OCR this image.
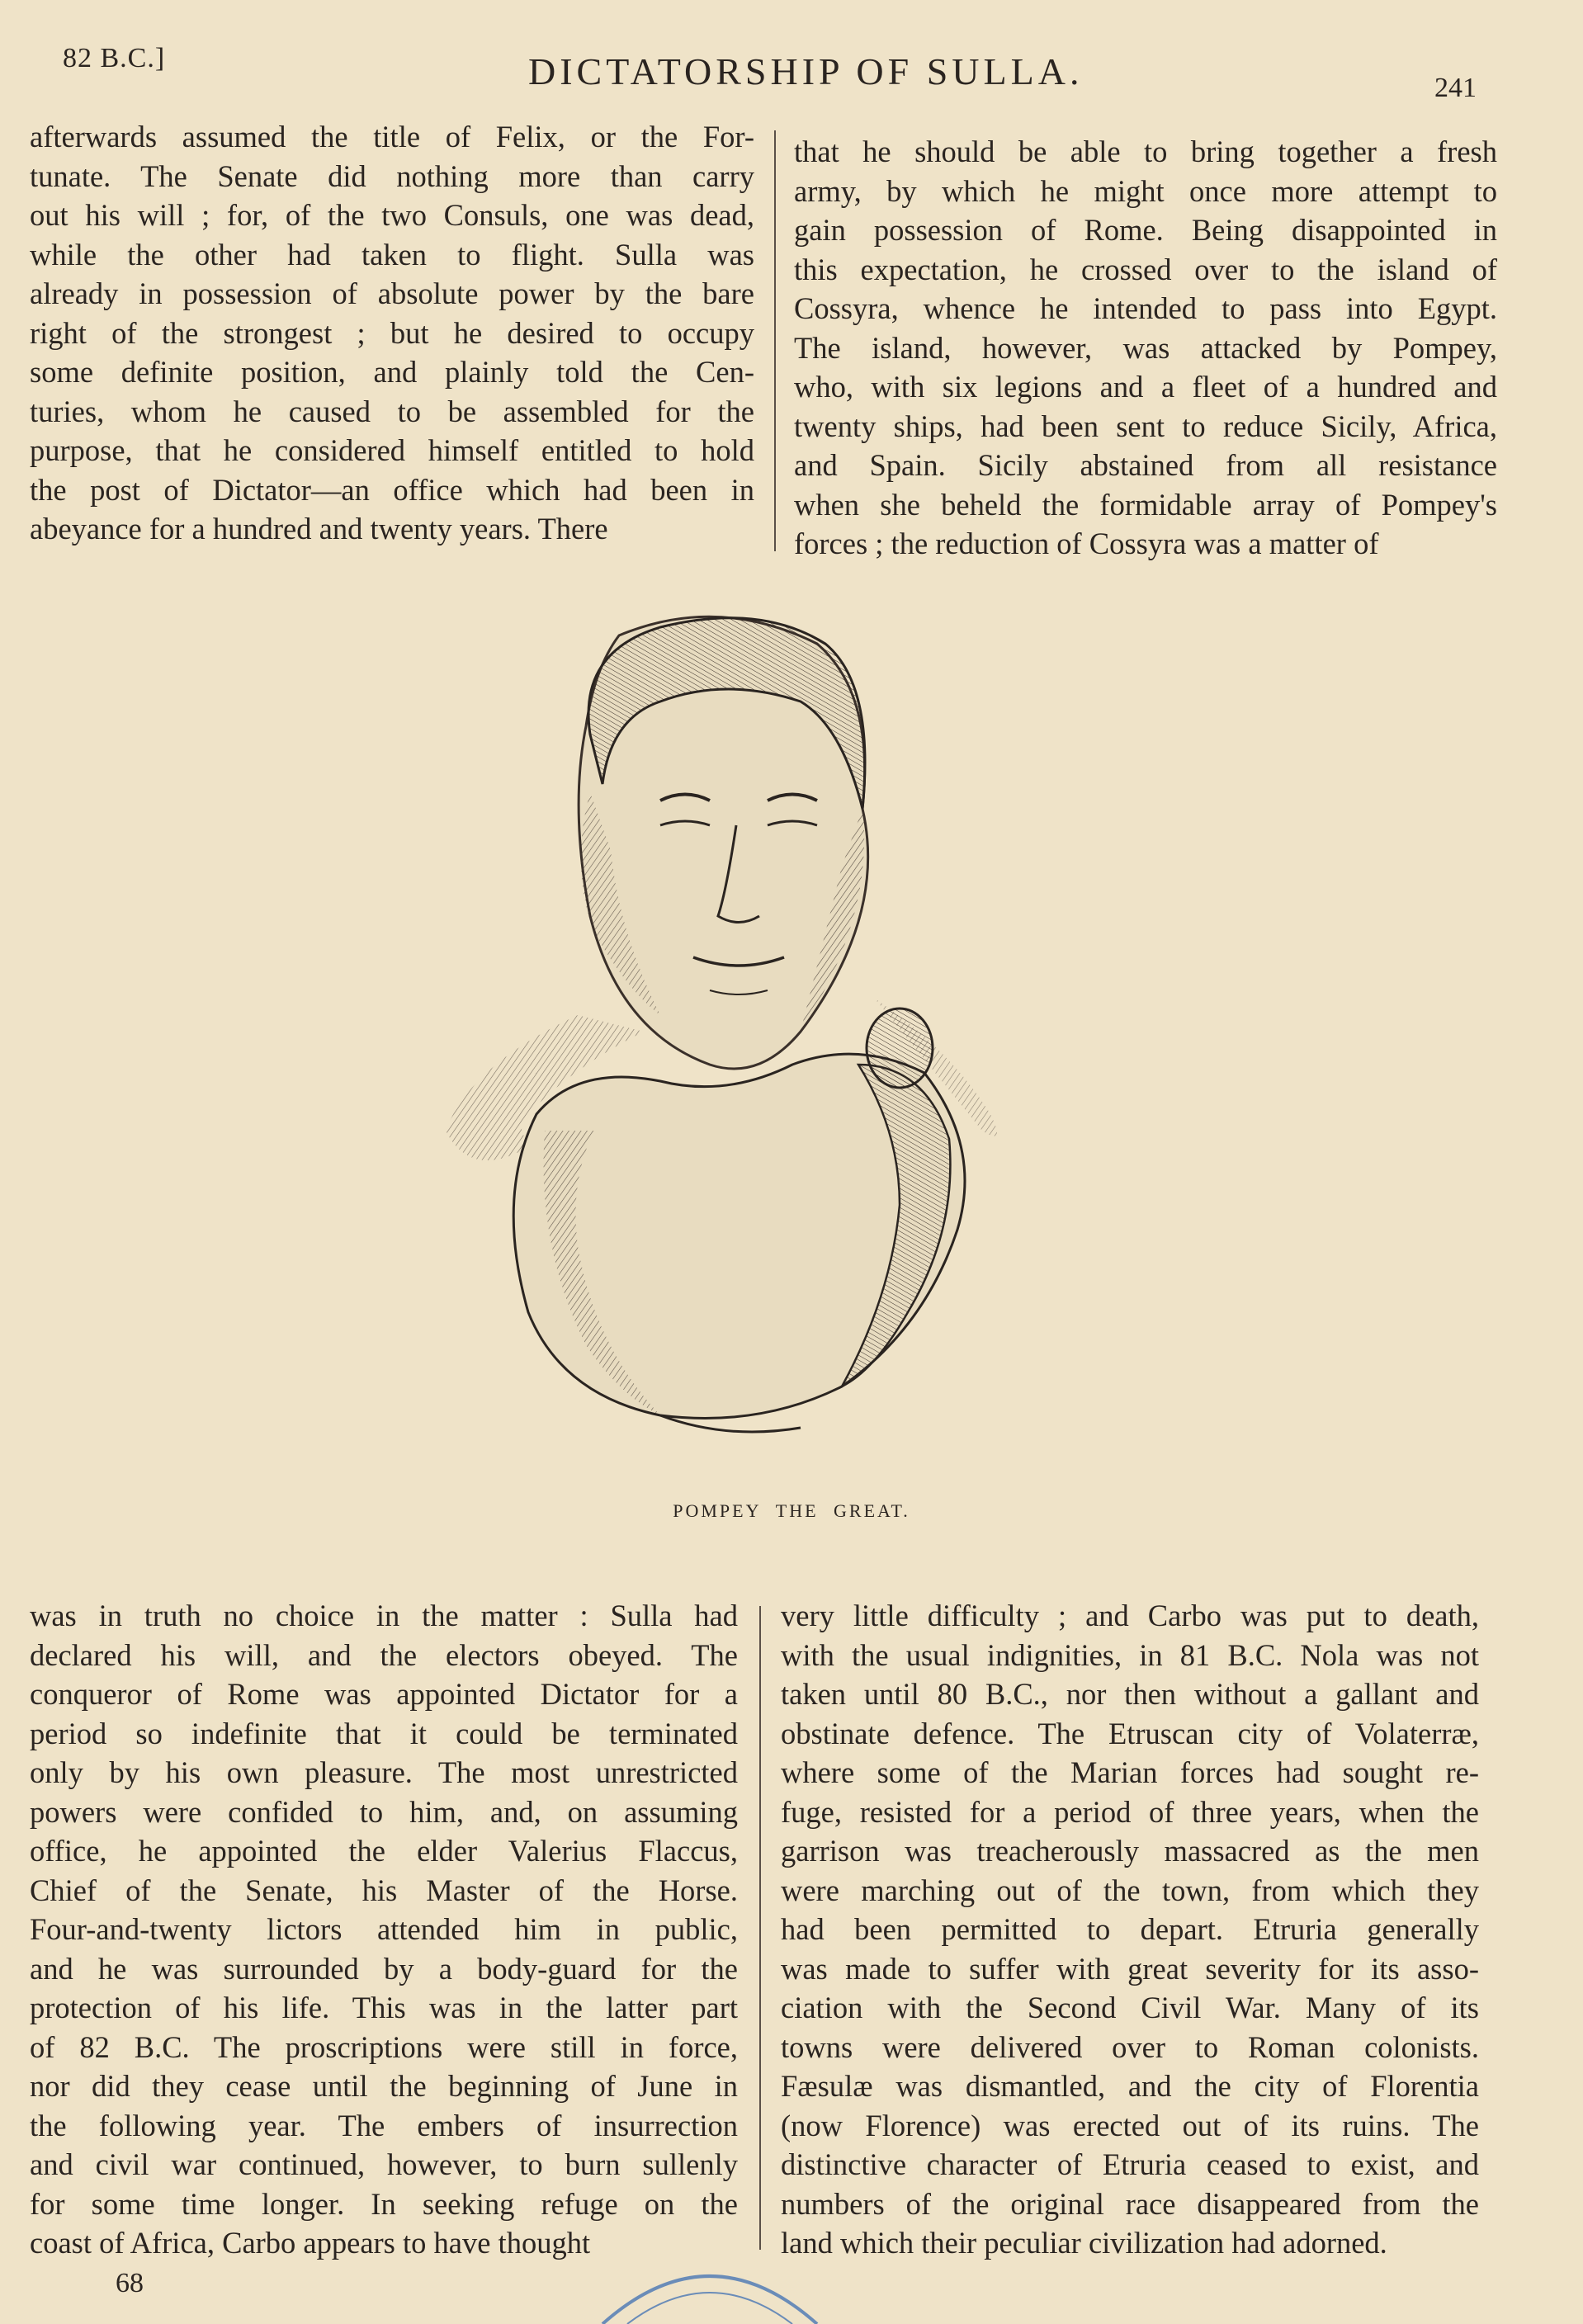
82 B.C.]	DICTATORSHIP OF SULLA.	241
afterwards assumed the title of Felix, or the For-
tunate. The Senate did nothing more than carry
out his will ; for, of the two Consuls, one was dead,
while the other had taken to flight. Sulla was
already in possession of absolute power by the bare
right of the strongest ; but he desired to occupy
some definite position, and plainly told the Cen-
turies, whom he caused to be assembled for the
purpose, that he considered himself entitled to hold
the post of Dictator—an office which had been in
abeyance for a hundred and twenty years. There
that he should be able to bring together a fresh
army, by which he might once more attempt to
gain possession of Rome. Being disappointed in
this expectation, he crossed over to the island of
Cossyra, whence he intended to pass into Egypt.
The island, however, was attacked by Pompey,
who, with six legions and a fleet of a hundred and
twenty ships, had been sent to reduce Sicily, Africa,
and Spain. Sicily abstained from all resistance
when she beheld the formidable array of Pompey's
forces ; the reduction of Cossyra was a matter of
POMPEY THE GREAT.
was in truth no choice in the matter : Sulla had
declared his will, and the electors obeyed. The
conqueror of Rome was appointed Dictator for a
period so indefinite that it could be terminated
only by his own pleasure. The most unrestricted
powers were confided to him, and, on assuming
office, he appointed the elder Valerius Flaccus,
Chief of the Senate, his Master of the Horse.
Four-and-twenty lictors attended him in public,
and he was surrounded by a body-guard for the
protection of his life. This was in the latter part
of 82 B.C. The proscriptions were still in force,
nor did they cease until the beginning of June in
the following year. The embers of insurrection
and civil war continued, however, to burn sullenly
for some time longer. In seeking refuge on the
coast of Africa, Carbo appears to have thought
very little difficulty ; and Carbo was put to death,
with the usual indignities, in 81 B.C. Nola was not
taken until 80 B.C., nor then without a gallant and
obstinate defence. The Etruscan city of Volaterræ,
where some of the Marian forces had sought re-
fuge, resisted for a period of three years, when the
garrison was treacherously massacred as the men
were marching out of the town, from which they
had been permitted to depart. Etruria generally
was made to suffer with great severity for its asso-
ciation with the Second Civil War. Many of its
towns were delivered over to Roman colonists.
Fæsulæ was dismantled, and the city of Florentia
(now Florence) was erected out of its ruins. The
distinctive character of Etruria ceased to exist, and
numbers of the original race disappeared from the
land which their peculiar civilization had adorned.
68
